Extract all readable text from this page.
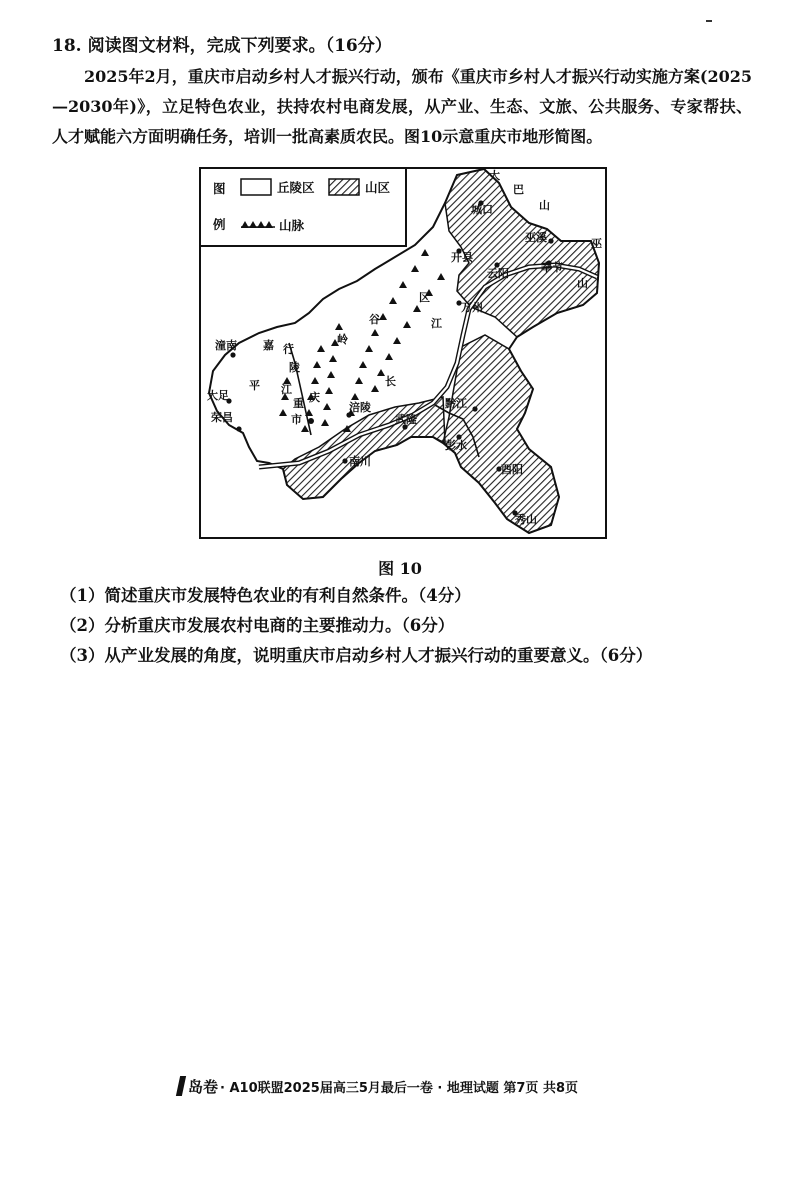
18. 阅读图文材料，完成下列要求。（16分）
2025年2月，重庆市启动乡村人才振兴行动，颁布《重庆市乡村人才振兴行动实施方案(2025—2030年)》，立足特色农业，扶持农村电商发展，从产业、生态、文旅、公共服务、专家帮扶、人才赋能六方面明确任务，培训一批高素质农民。图10示意重庆市地形简图。
图
例
丘陵区	山区
山脉
城口
巫溪
开县
云阳	奉节
万州
潼南
大足
荣昌
涪陵
武隆
南川
黔江
彭水
酉阳
秀山
大
巴
山
巫
山
长
江
嘉
陵
江
平
行
岭
谷
区
重 庆
市
图 10
（1）简述重庆市发展特色农业的有利自然条件。（4分）
（2）分析重庆市发展农村电商的主要推动力。（6分）
（3）从产业发展的角度，说明重庆市启动乡村人才振兴行动的重要意义。（6分）
岛卷 · A10联盟2025届高三5月最后一卷 · 地理试题 第7页 共8页
